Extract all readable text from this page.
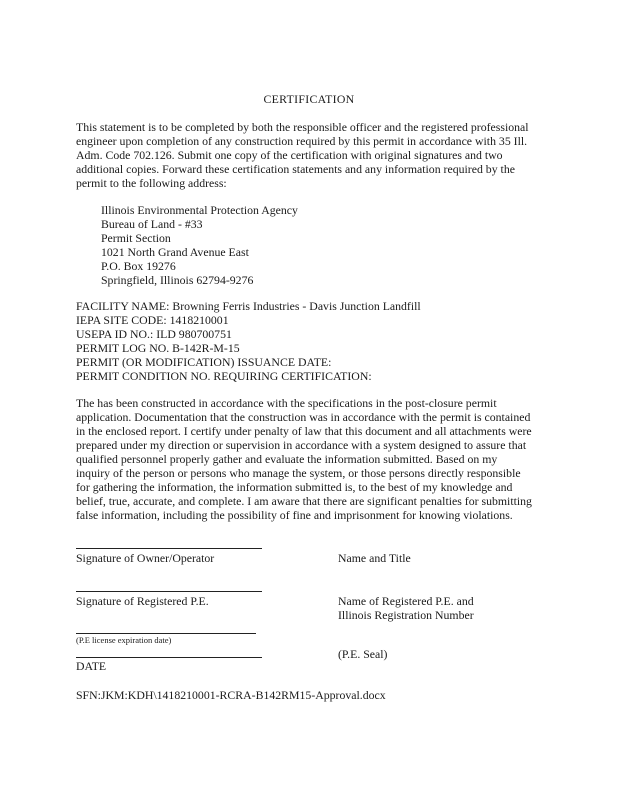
CERTIFICATION
This statement is to be completed by both the responsible officer and the registered professional
engineer upon completion of any construction required by this permit in accordance with 35 Ill.
Adm. Code 702.126. Submit one copy of the certification with original signatures and two
additional copies. Forward these certification statements and any information required by the
permit to the following address:
Illinois Environmental Protection Agency
Bureau of Land - #33
Permit Section
1021 North Grand Avenue East
P.O. Box 19276
Springfield, Illinois 62794-9276
FACILITY NAME: Browning Ferris Industries - Davis Junction Landfill
IEPA SITE CODE: 1418210001
USEPA ID NO.: ILD 980700751
PERMIT LOG NO. B-142R-M-15
PERMIT (OR MODIFICATION) ISSUANCE DATE:
PERMIT CONDITION NO. REQUIRING CERTIFICATION:
The has been constructed in accordance with the specifications in the post-closure permit
application. Documentation that the construction was in accordance with the permit is contained
in the enclosed report. I certify under penalty of law that this document and all attachments were
prepared under my direction or supervision in accordance with a system designed to assure that
qualified personnel properly gather and evaluate the information submitted. Based on my
inquiry of the person or persons who manage the system, or those persons directly responsible
for gathering the information, the information submitted is, to the best of my knowledge and
belief, true, accurate, and complete. I am aware that there are significant penalties for submitting
false information, including the possibility of fine and imprisonment for knowing violations.
Signature of Owner/Operator	Name and Title
Signature of Registered P.E.	Name of Registered P.E. and
Illinois Registration Number
(P.E license expiration date)
DATE
(P.E. Seal)
SFN:JKM:KDH\1418210001-RCRA-B142RM15-Approval.docx
